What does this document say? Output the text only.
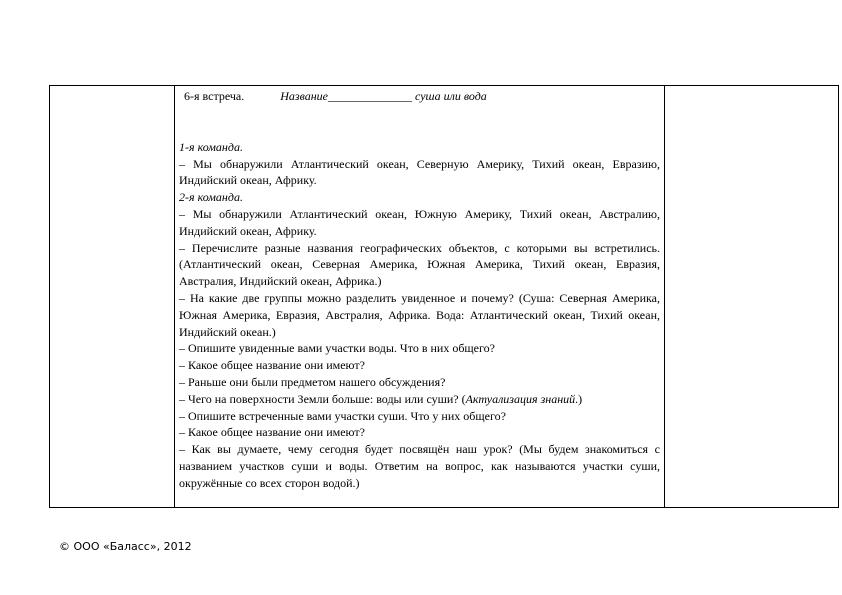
6-я встреча.	Название______________ суша или вода

1-я команда.

– Мы обнаружили Атлантический океан, Северную Америку, Тихий океан, Евразию, Индийский океан, Африку.

2-я команда.

– Мы обнаружили Атлантический океан, Южную Америку, Тихий океан, Австралию, Индийский океан, Африку.

– Перечислите разные названия географических объектов, с которыми вы встретились. (Атлантический океан, Северная Америка, Южная Америка, Тихий океан, Евразия, Австралия, Индийский океан, Африка.)

– На какие две группы можно разделить увиденное и почему? (Суша: Северная Америка, Южная Америка, Евразия, Австралия, Африка. Вода: Атлантический океан, Тихий океан, Индийский океан.)

– Опишите увиденные вами участки воды. Что в них общего?

– Какое общее название они имеют?

– Раньше они были предметом нашего обсуждения?

– Чего на поверхности Земли больше: воды или суши? (Актуализация знаний.)

– Опишите встреченные вами участки суши. Что у них общего?

– Какое общее название они имеют?

– Как вы думаете, чему сегодня будет посвящён наш урок? (Мы будем знакомиться с названием участков суши и воды. Ответим на вопрос, как называются участки суши, окружённые со всех сторон водой.)

© ООО «Баласс», 2012
